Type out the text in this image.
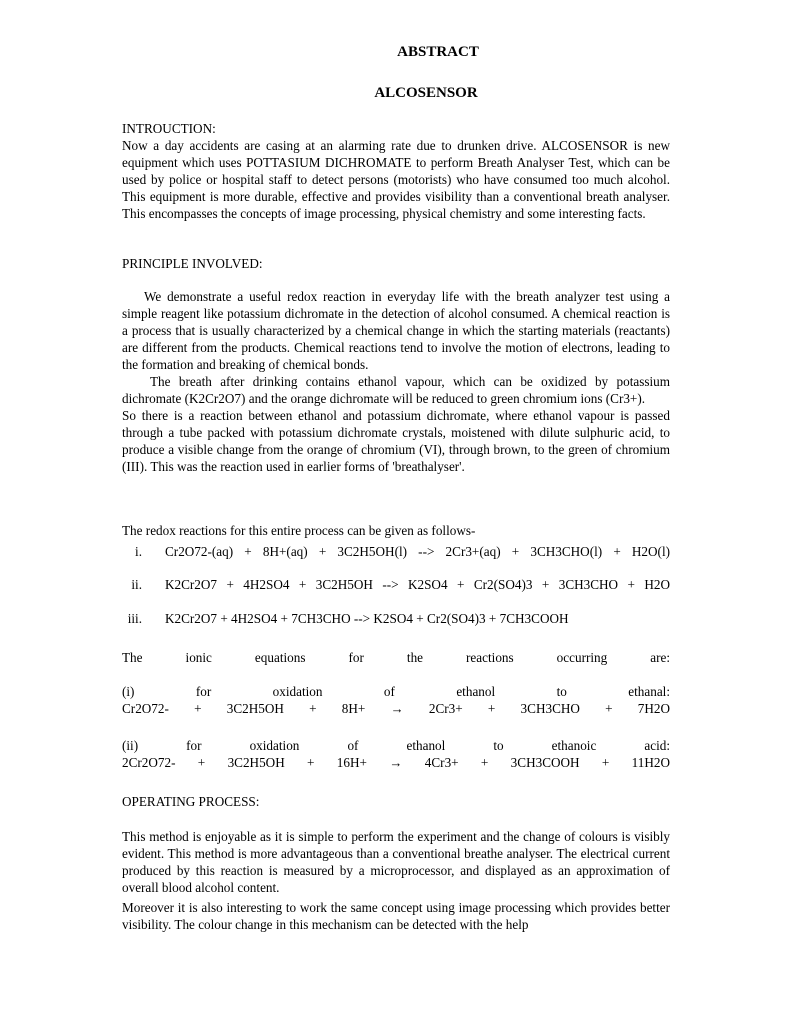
ABSTRACT
ALCOSENSOR

INTROUCTION:

Now a day accidents are casing at an alarming rate due to drunken drive. ALCOSENSOR is new equipment which uses POTTASIUM DICHROMATE to perform Breath Analyser Test, which can be used by police or hospital staff to detect persons (motorists) who have consumed too much alcohol. This equipment is more durable, effective and provides visibility than a conventional breath analyser. This encompasses the concepts of image processing, physical chemistry and some interesting facts.

PRINCIPLE INVOLVED:

We demonstrate a useful redox reaction in everyday life with the breath analyzer test using a simple reagent like potassium dichromate in the detection of alcohol consumed. A chemical reaction is a process that is usually characterized by a chemical change in which the starting materials (reactants) are different from the products. Chemical reactions tend to involve the motion of electrons, leading to the formation and breaking of chemical bonds.

The breath after drinking contains ethanol vapour, which can be oxidized by potassium dichromate (K2Cr2O7) and the orange dichromate will be reduced to green chromium ions (Cr3+).

So there is a reaction between ethanol and potassium dichromate, where ethanol vapour is passed through a tube packed with potassium dichromate crystals, moistened with dilute sulphuric acid, to produce a visible change from the orange of chromium (VI), through brown, to the green of chromium (III). This was the reaction used in earlier forms of 'breathalyser'.

The redox reactions for this entire process can be given as follows-
i. Cr2O72-(aq) + 8H+(aq) + 3C2H5OH(l) --> 2Cr3+(aq) + 3CH3CHO(l) + H2O(l)
ii. K2Cr2O7 + 4H2SO4 + 3C2H5OH --> K2SO4 + Cr2(SO4)3 + 3CH3CHO + H2O
iii. K2Cr2O7 + 4H2SO4 + 7CH3CHO --> K2SO4 + Cr2(SO4)3 + 7CH3COOH
The ionic equations for the reactions occurring are:
(i) for oxidation of ethanol to ethanal:
Cr2O72- + 3C2H5OH + 8H+ → 2Cr3+ + 3CH3CHO + 7H2O
(ii) for oxidation of ethanol to ethanoic acid:
2Cr2O72- + 3C2H5OH + 16H+ → 4Cr3+ + 3CH3COOH + 11H2O
OPERATING PROCESS:

This method is enjoyable as it is simple to perform the experiment and the change of colours is visibly evident. This method is more advantageous than a conventional breathe analyser. The electrical current produced by this reaction is measured by a microprocessor, and displayed as an approximation of overall blood alcohol content.

Moreover it is also interesting to work the same concept using image processing which provides better visibility. The colour change in this mechanism can be detected with the help
